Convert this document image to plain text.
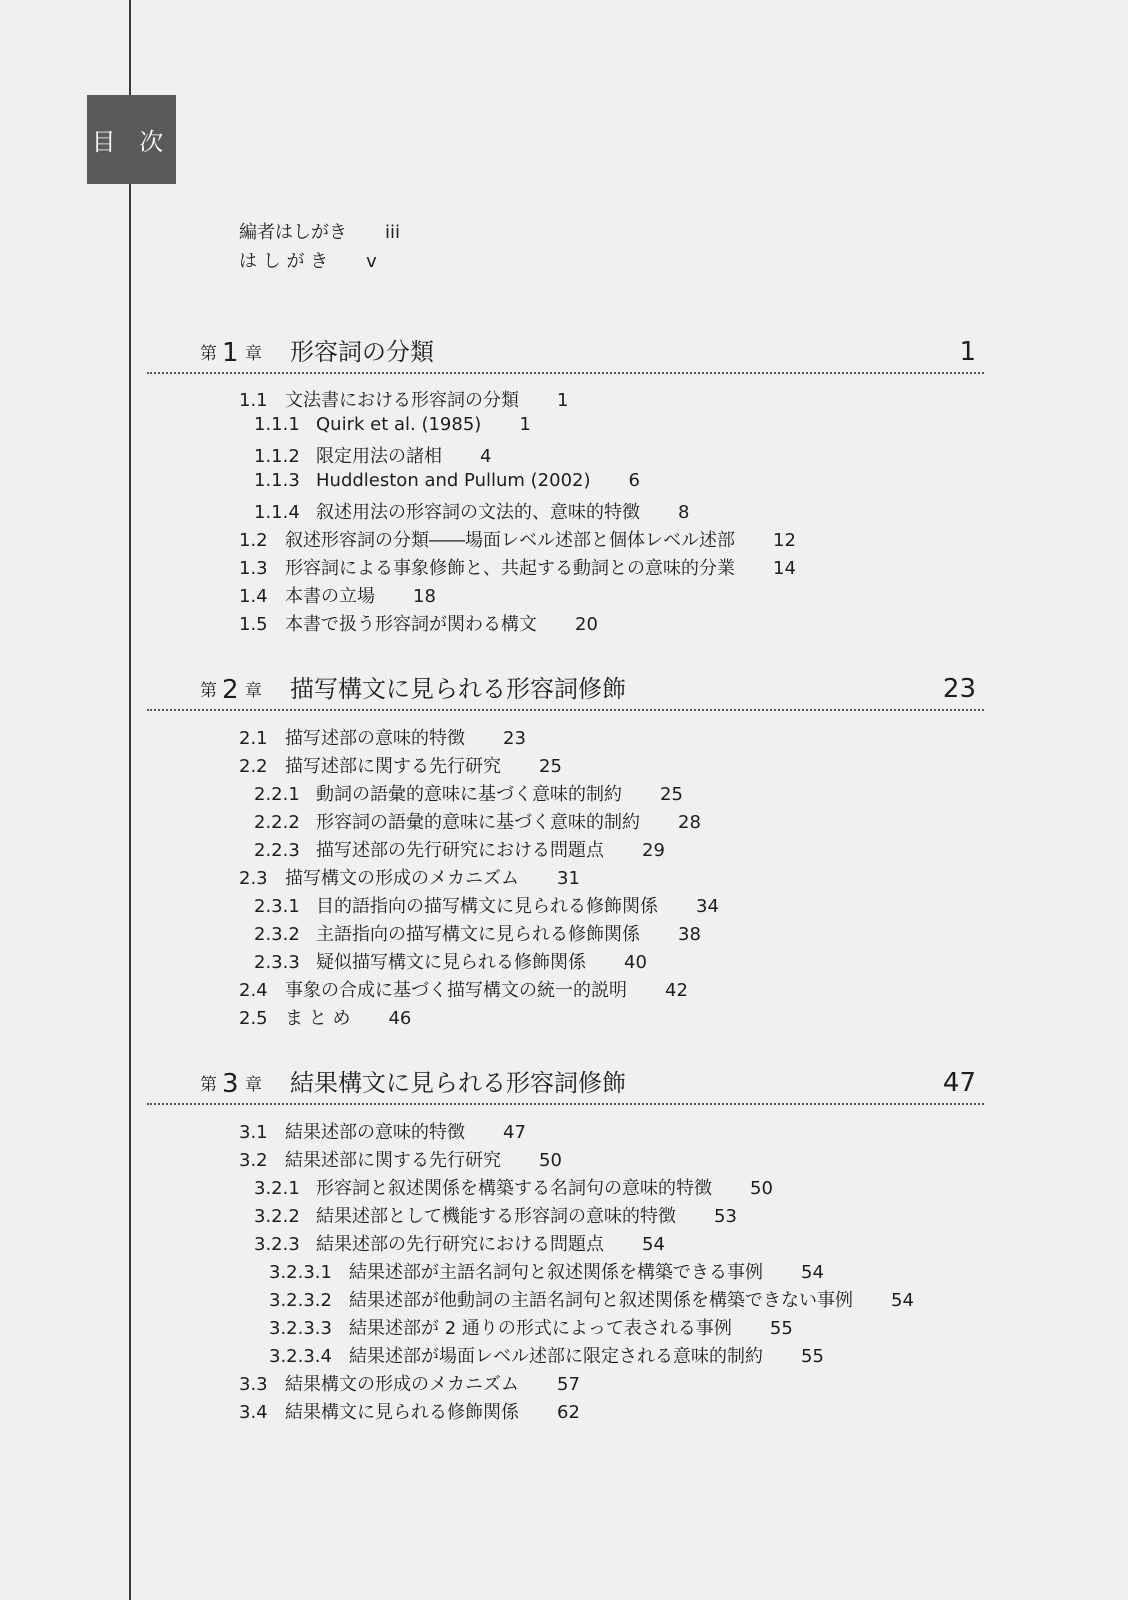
目 次
編者はしがき iii
は し が き v
第 1 章 形容詞の分類	1
1.1 文法書における形容詞の分類 1
1.1.1 Quirk et al. (1985) 1
1.1.2 限定用法の諸相 4
1.1.3 Huddleston and Pullum (2002) 6
1.1.4 叙述用法の形容詞の文法的、意味的特徴 8
1.2 叙述形容詞の分類――場面レベル述部と個体レベル述部 12
1.3 形容詞による事象修飾と、共起する動詞との意味的分業 14
1.4 本書の立場 18
1.5 本書で扱う形容詞が関わる構文 20
第 2 章 描写構文に見られる形容詞修飾	23
2.1 描写述部の意味的特徴 23
2.2 描写述部に関する先行研究 25
2.2.1 動詞の語彙的意味に基づく意味的制約 25
2.2.2 形容詞の語彙的意味に基づく意味的制約 28
2.2.3 描写述部の先行研究における問題点 29
2.3 描写構文の形成のメカニズム 31
2.3.1 目的語指向の描写構文に見られる修飾関係 34
2.3.2 主語指向の描写構文に見られる修飾関係 38
2.3.3 疑似描写構文に見られる修飾関係 40
2.4 事象の合成に基づく描写構文の統一的説明 42
2.5 ま と め 46
第 3 章 結果構文に見られる形容詞修飾	47
3.1 結果述部の意味的特徴 47
3.2 結果述部に関する先行研究 50
3.2.1 形容詞と叙述関係を構築する名詞句の意味的特徴 50
3.2.2 結果述部として機能する形容詞の意味的特徴 53
3.2.3 結果述部の先行研究における問題点 54
3.2.3.1 結果述部が主語名詞句と叙述関係を構築できる事例 54
3.2.3.2 結果述部が他動詞の主語名詞句と叙述関係を構築できない事例 54
3.2.3.3 結果述部が 2 通りの形式によって表される事例 55
3.2.3.4 結果述部が場面レベル述部に限定される意味的制約 55
3.3 結果構文の形成のメカニズム 57
3.4 結果構文に見られる修飾関係 62
